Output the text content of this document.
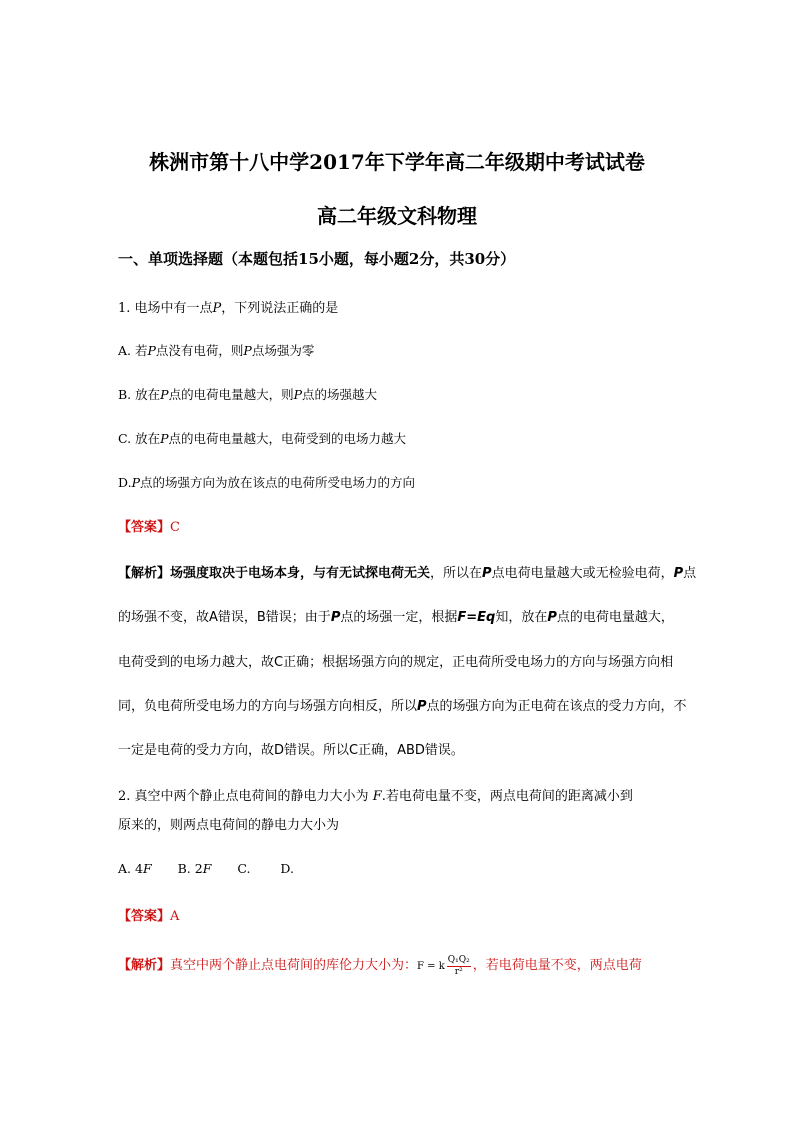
株洲市第十八中学2017年下学年高二年级期中考试试卷
高二年级文科物理
一、单项选择题（本题包括15小题，每小题2分，共30分）
1. 电场中有一点P，下列说法正确的是
A. 若P点没有电荷，则P点场强为零
B. 放在P点的电荷电量越大，则P点的场强越大
C. 放在P点的电荷电量越大，电荷受到的电场力越大
D.P点的场强方向为放在该点的电荷所受电场力的方向
【答案】C
【解析】场强度取决于电场本身，与有无试探电荷无关，所以在P点电荷电量越大或无检验电荷，P点
的场强不变，故A错误，B错误；由于P点的场强一定，根据F=Eq知，放在P点的电荷电量越大，
电荷受到的电场力越大，故C正确；根据场强方向的规定，正电荷所受电场力的方向与场强方向相
同，负电荷所受电场力的方向与场强方向相反，所以P点的场强方向为正电荷在该点的受力方向，不
一定是电荷的受力方向，故D错误。所以C正确，ABD错误。
2. 真空中两个静止点电荷间的静电力大小为 F.若电荷电量不变，两点电荷间的距离减小到
原来的，则两点电荷间的静电力大小为
A. 4F B. 2F C. D.
【答案】A
【解析】真空中两个静止点电荷间的库伦力大小为：F = k $\frac{\text{Q₁Q₂}}{\text{r²}}$ ，若电荷电量不变，两点电荷
